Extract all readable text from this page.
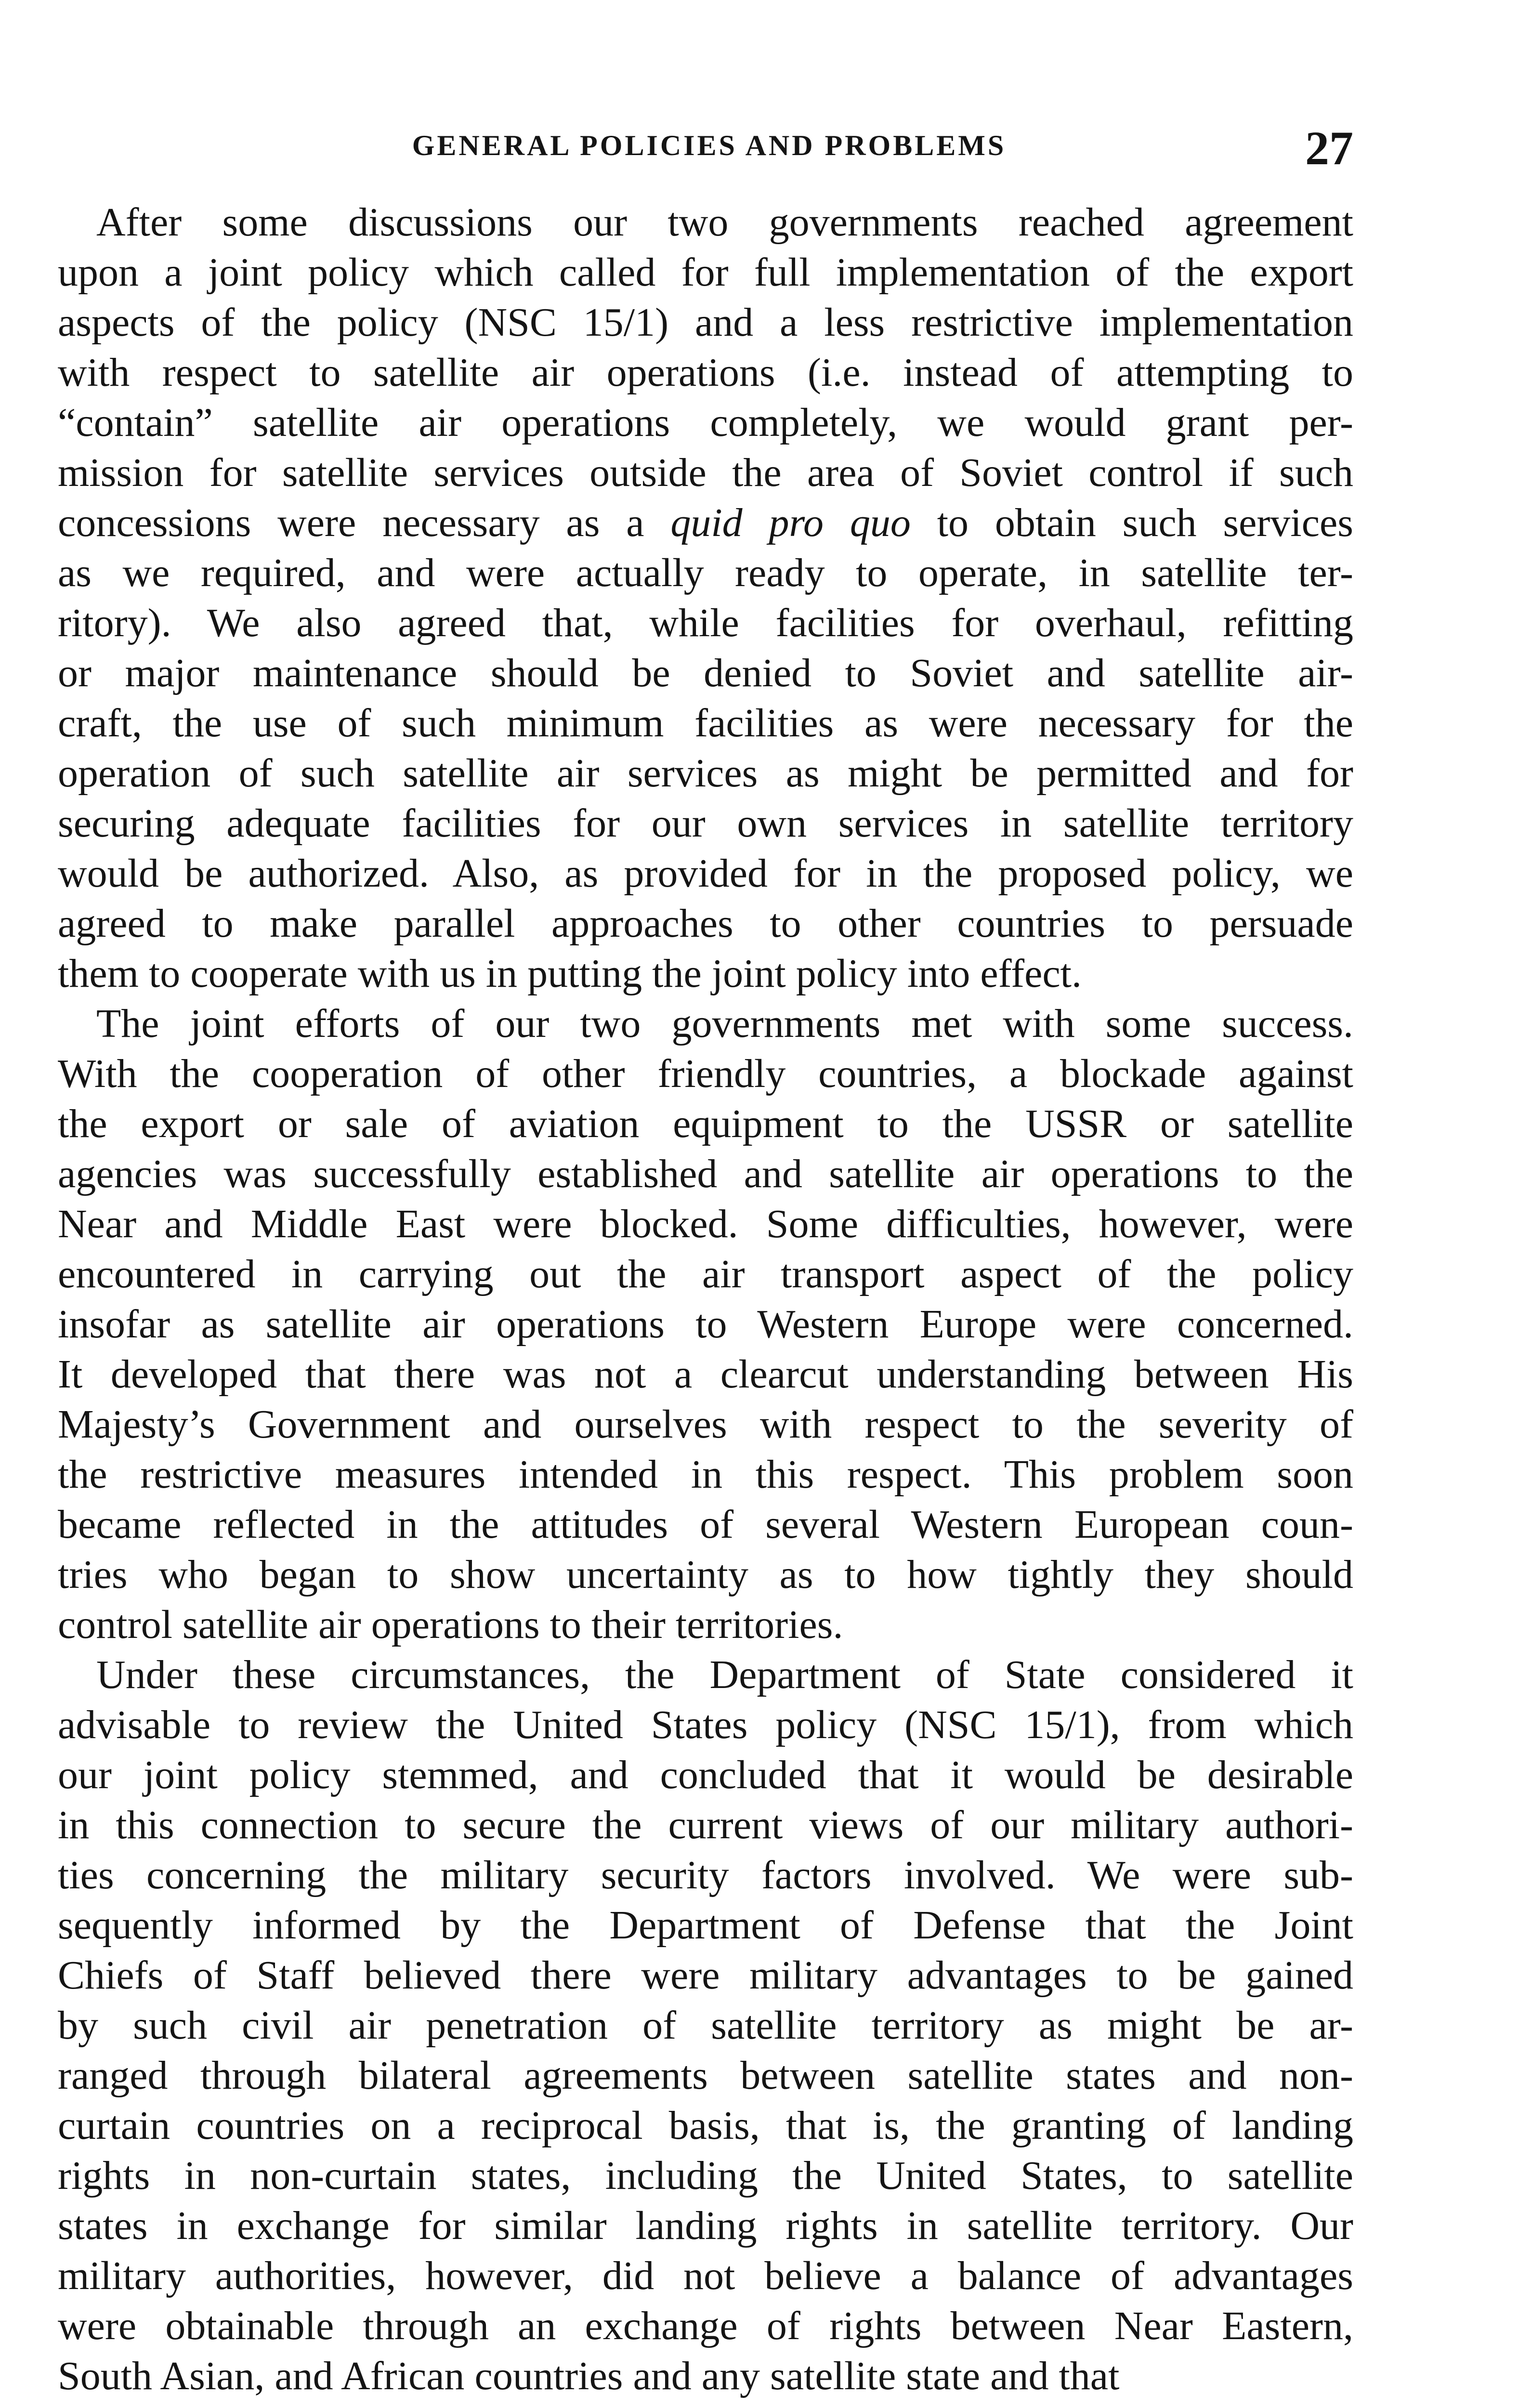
GENERAL POLICIES AND PROBLEMS	27
After some discussions our two governments reached agreement
upon a joint policy which called for full implementation of the export
aspects of the policy (NSC 15/1) and a less restrictive implementation
with respect to satellite air operations (i.e. instead of attempting to
“contain” satellite air operations completely, we would grant per-
mission for satellite services outside the area of Soviet control if such
concessions were necessary as a quid pro quo to obtain such services
as we required, and were actually ready to operate, in satellite ter-
ritory). We also agreed that, while facilities for overhaul, refitting
or major maintenance should be denied to Soviet and satellite air-
craft, the use of such minimum facilities as were necessary for the
operation of such satellite air services as might be permitted and for
securing adequate facilities for our own services in satellite territory
would be authorized. Also, as provided for in the proposed policy, we
agreed to make parallel approaches to other countries to persuade
them to cooperate with us in putting the joint policy into effect.
The joint efforts of our two governments met with some success.
With the cooperation of other friendly countries, a blockade against
the export or sale of aviation equipment to the USSR or satellite
agencies was successfully established and satellite air operations to the
Near and Middle East were blocked. Some difficulties, however, were
encountered in carrying out the air transport aspect of the policy
insofar as satellite air operations to Western Europe were concerned.
It developed that there was not a clearcut understanding between His
Majesty’s Government and ourselves with respect to the severity of
the restrictive measures intended in this respect. This problem soon
became reflected in the attitudes of several Western European coun-
tries who began to show uncertainty as to how tightly they should
control satellite air operations to their territories.
Under these circumstances, the Department of State considered it
advisable to review the United States policy (NSC 15/1), from which
our joint policy stemmed, and concluded that it would be desirable
in this connection to secure the current views of our military authori-
ties concerning the military security factors involved. We were sub-
sequently informed by the Department of Defense that the Joint
Chiefs of Staff believed there were military advantages to be gained
by such civil air penetration of satellite territory as might be ar-
ranged through bilateral agreements between satellite states and non-
curtain countries on a reciprocal basis, that is, the granting of landing
rights in non-curtain states, including the United States, to satellite
states in exchange for similar landing rights in satellite territory. Our
military authorities, however, did not believe a balance of advantages
were obtainable through an exchange of rights between Near Eastern,
South Asian, and African countries and any satellite state and that
